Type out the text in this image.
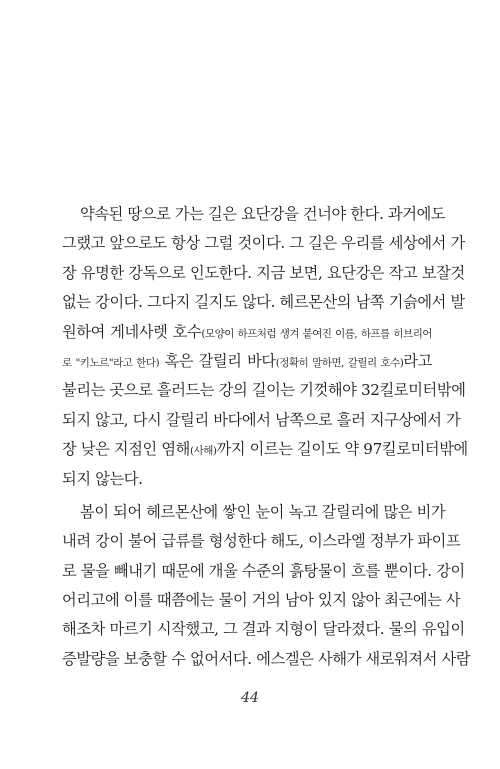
약속된 땅으로 가는 길은 요단강을 건너야 한다. 과거에도
그랬고 앞으로도 항상 그럴 것이다. 그 길은 우리를 세상에서 가
장 유명한 강독으로 인도한다. 지금 보면, 요단강은 작고 보잘것
없는 강이다. 그다지 길지도 않다. 헤르몬산의 남쪽 기슭에서 발
원하여 게네사렛 호수(모양이 하프처럼 생겨 붙여진 이름, 하프를 히브리어
로 "키노르"라고 한다) 혹은 갈릴리 바다(정확히 말하면, 갈릴리 호수)라고
불리는 곳으로 흘러드는 강의 길이는 기껏해야 32킬로미터밖에
되지 않고, 다시 갈릴리 바다에서 남쪽으로 흘러 지구상에서 가
장 낮은 지점인 염해(사해)까지 이르는 길이도 약 97킬로미터밖에
되지 않는다.
봄이 되어 헤르몬산에 쌓인 눈이 녹고 갈릴리에 많은 비가
내려 강이 불어 급류를 형성한다 해도, 이스라엘 정부가 파이프
로 물을 빼내기 때문에 개울 수준의 흙탕물이 흐를 뿐이다. 강이
어리고에 이를 때쯤에는 물이 거의 남아 있지 않아 최근에는 사
해조차 마르기 시작했고, 그 결과 지형이 달라졌다. 물의 유입이
증발량을 보충할 수 없어서다. 에스겔은 사해가 새로워져서 사람
44
